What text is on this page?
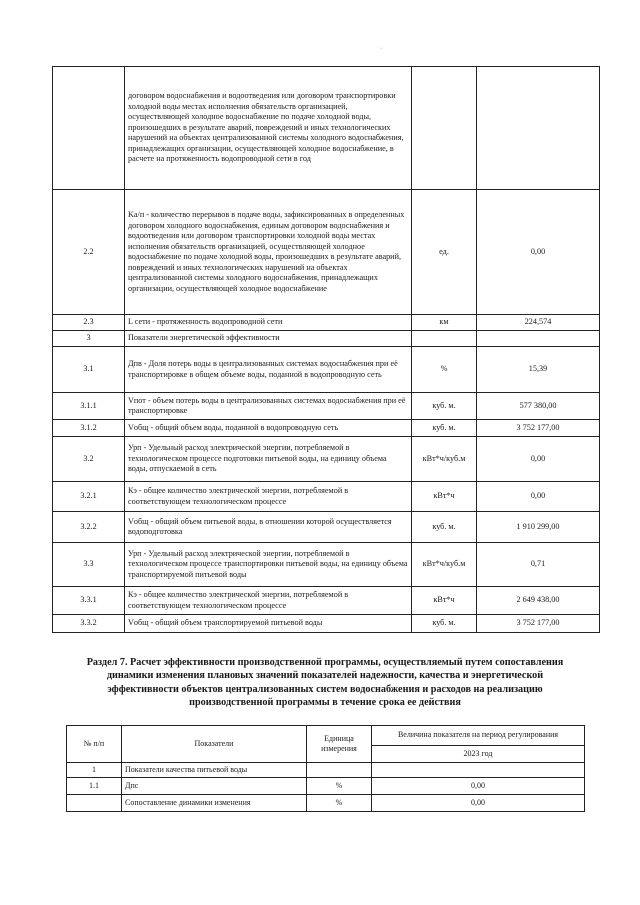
·
	договором водоснабжения и водоотведения или договором транспортировки холодной воды местах исполнения обязательств организацией, осуществляющей холодное водоснабжение по подаче холодной воды, произошедших в результате аварий, повреждений и иных технологических нарушений на объектах централизованной системы холодного водоснабжения, принадлежащих организации, осуществляющей холодное водоснабжение, в расчете на протяженность водопроводной сети в год		
2.2	Ka/п - количество перерывов в подаче воды, зафиксированных в определенных договором холодного водоснабжения, единым договором водоснабжения и водоотведения или договором транспортировки холодной воды местах исполнения обязательств организацией, осуществляющей холодное водоснабжение по подаче холодной воды, произошедших в результате аварий, повреждений и иных технологических нарушений на объектах централизованной системы холодного водоснабжения, принадлежащих организации, осуществляющей холодное водоснабжение	ед.	0,00
2.3	L сети - протяженность водопроводной сети	км	224,574
3	Показатели энергетической эффективности		
3.1	Дпв - Доля потерь воды в централизованных системах водоснабжения при её транспортировке в общем объеме воды, поданной в водопроводную сеть	%	15,39
3.1.1	Vпот - объем потерь воды в централизованных системах водоснабжения при её транспортировке	куб. м.	577 380,00
3.1.2	Vобщ - общий объем воды, поданной в водопроводную сеть	куб. м.	3 752 177,00
3.2	Урп - Удельный расход электрической энергии, потребляемой в технологическом процессе подготовки питьевой воды, на единицу объема воды, отпускаемой в сеть	кВт*ч/куб.м	0,00
3.2.1	Кэ - общее количество электрической энергии, потребляемой в соответствующем технологическом процессе	кВт*ч	0,00
3.2.2	Vобщ - общий объем питьевой воды, в отношении которой осуществляется водоподготовка	куб. м.	1 910 299,00
3.3	Урп - Удельный расход электрической энергии, потребляемой в технологическом процессе транспортировки питьевой воды, на единицу объема транспортируемой питьевой воды	кВт*ч/куб.м	0,71
3.3.1	Кэ - общее количество электрической энергии, потребляемой в соответствующем технологическом процессе	кВт*ч	2 649 438,00
3.3.2	Vобщ - общий объем транспортируемой питьевой воды	куб. м.	3 752 177,00
Раздел 7. Расчет эффективности производственной программы, осуществляемый путем сопоставления динамики изменения плановых значений показателей надежности, качества и энергетической эффективности объектов централизованных систем водоснабжения и расходов на реализацию производственной программы в течение срока ее действия
№ п/п	Показатели	Единица измерения	Величина показателя на период регулирования
			2023 год
1	Показатели качества питьевой воды		
1.1	Дпс	%	0,00
	Сопоставление динамики изменения	%	0,00
